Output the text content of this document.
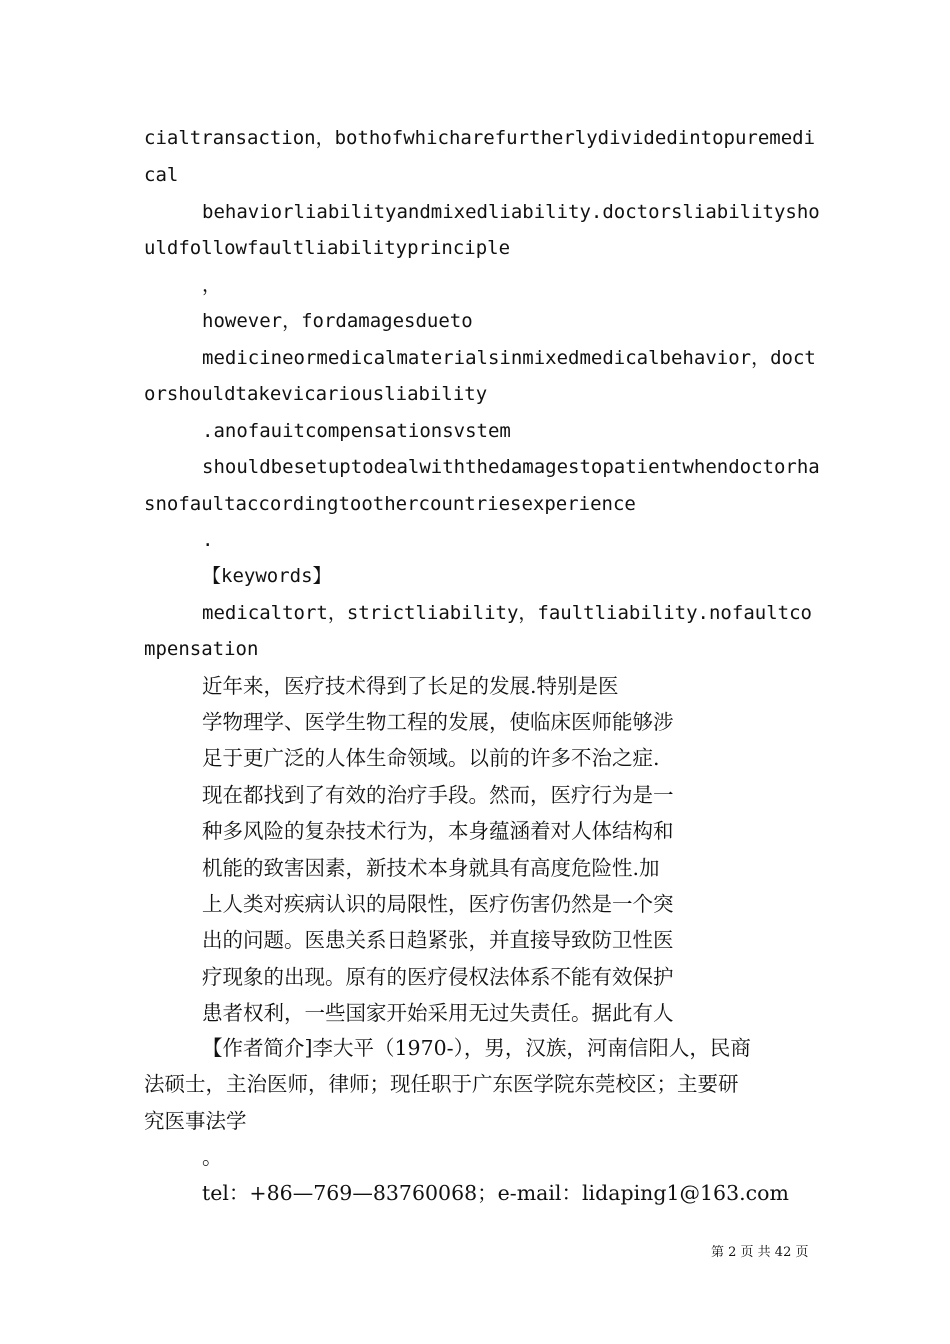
cialtransaction，bothofwhicharefurtherlydividedintopuremedi
cal
behaviorliabilityandmixedliability.doctorsliabilitysho
uldfollowfaultliabilityprinciple
，
however，fordamagesdueto
medicineormedicalmaterialsinmixedmedicalbehavior，doct
orshouldtakevicariousliability
.anofauitcompensationsvstem
shouldbesetuptodealwiththedamagestopatientwhendoctorha
snofaultaccordingtoothercountriesexperience
.
【keywords】
medicaltort，strictliability，faultliability.nofaultco
mpensation
近年来，医疗技术得到了长足的发展.特别是医
学物理学、医学生物工程的发展，使临床医师能够涉
足于更广泛的人体生命领域。以前的许多不治之症.
现在都找到了有效的治疗手段。然而，医疗行为是一
种多风险的复杂技术行为，本身蕴涵着对人体结构和
机能的致害因素，新技术本身就具有高度危险性.加
上人类对疾病认识的局限性，医疗伤害仍然是一个突
出的问题。医患关系日趋紧张，并直接导致防卫性医
疗现象的出现。原有的医疗侵权法体系不能有效保护
患者权利，一些国家开始采用无过失责任。据此有人
【作者简介]李大平（1970-），男，汉族，河南信阳人，民商
法硕士，主治医师，律师；现任职于广东医学院东莞校区；主要研
究医事法学
。
tel：+86—769—83760068；e-mail：lidaping1@163.com
第 2 页 共 42 页
